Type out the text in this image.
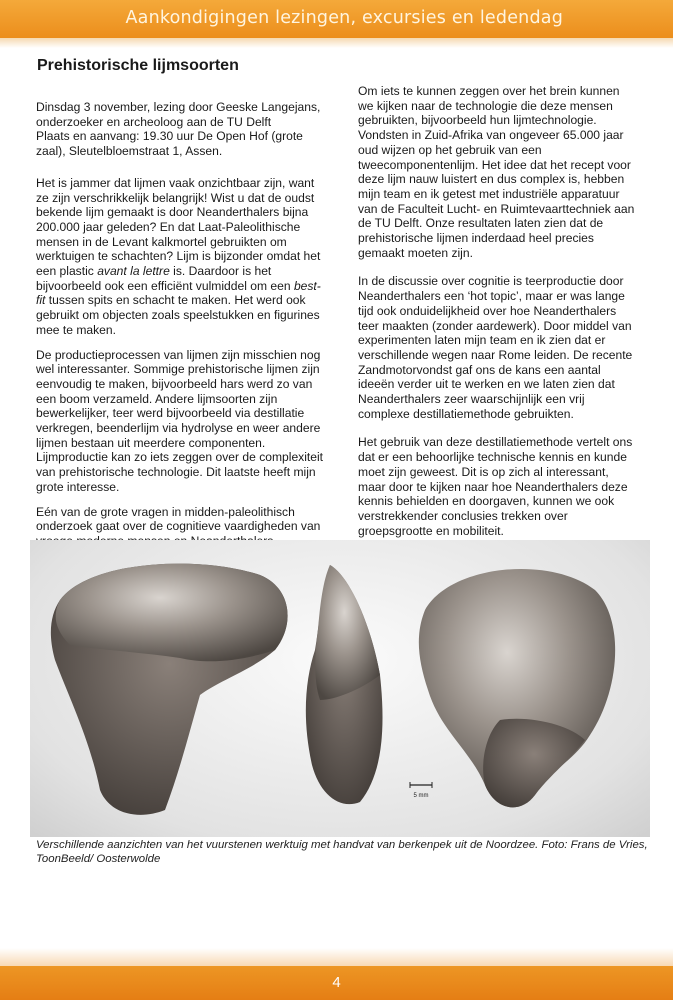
Aankondigingen lezingen, excursies en ledendag
Prehistorische lijmsoorten
Dinsdag 3 november, lezing door Geeske Langejans,
onderzoeker en archeoloog aan de TU Delft
Plaats en aanvang: 19.30 uur De Open Hof (grote
zaal), Sleutelbloemstraat 1, Assen.

Het is jammer dat lijmen vaak onzichtbaar zijn, want ze zijn verschrikkelijk belangrijk! Wist u dat de oudst bekende lijm gemaakt is door Neanderthalers bijna 200.000 jaar geleden? En dat Laat-Paleolithische mensen in de Levant kalkmortel gebruikten om werktuigen te schachten? Lijm is bijzonder omdat het een plastic avant la lettre is. Daardoor is het bijvoorbeeld ook een efficiënt vulmiddel om een best-fit tussen spits en schacht te maken. Het werd ook gebruikt om objecten zoals speelstukken en figurines mee te maken.

De productieprocessen van lijmen zijn misschien nog wel interessanter. Sommige prehistorische lijmen zijn eenvoudig te maken, bijvoorbeeld hars werd zo van een boom verzameld. Andere lijmsoorten zijn bewerkelijker, teer werd bijvoorbeeld via destillatie verkregen, beenderlijm via hydrolyse en weer andere lijmen bestaan uit meerdere componenten. Lijmproductie kan zo iets zeggen over de complexiteit van prehistorische technologie. Dit laatste heeft mijn grote interesse.

Eén van de grote vragen in midden-paleolithisch onderzoek gaat over de cognitieve vaardigheden van

Om iets te kunnen zeggen over het brein kunnen we kijken naar de technologie die deze mensen gebruikten, bijvoorbeeld hun lijmtechnologie. Vondsten in Zuid-Afrika van ongeveer 65.000 jaar oud wijzen op het gebruik van een tweecomponentenlijm. Het idee dat het recept voor deze lijm nauw luistert en dus complex is, hebben mijn team en ik getest met industriële apparatuur van de Faculteit Lucht- en Ruimtevaarttechniek aan de TU Delft. Onze resultaten laten zien dat de prehistorische lijmen inderdaad heel precies gemaakt moeten zijn.

In de discussie over cognitie is teerproductie door Neanderthalers een ‘hot topic’, maar er was lange tijd ook onduidelijkheid over hoe Neanderthalers teer maakten (zonder aardewerk). Door middel van experimenten laten mijn team en ik zien dat er verschillende wegen naar Rome leiden. De recente Zandmotorvondst gaf ons de kans een aantal ideeën verder uit te werken en we laten zien dat Neanderthalers zeer waarschijnlijk een vrij complexe destillatiemethode gebruikten.

Het gebruik van deze destillatiemethode vertelt ons dat er een behoorlijke technische kennis en kunde moet zijn geweest. Dit is op zich al interessant, maar door te kijken naar hoe Neanderthalers deze kennis behielden en doorgaven, kunnen we ook verstrekkender conclusies trekken over groepsgrootte en mobiliteit.

5 mm
Verschillende aanzichten van het vuurstenen werktuig met handvat van berkenpek uit de Noordzee. Foto: Frans de Vries, ToonBeeld/ Oosterwolde
4
